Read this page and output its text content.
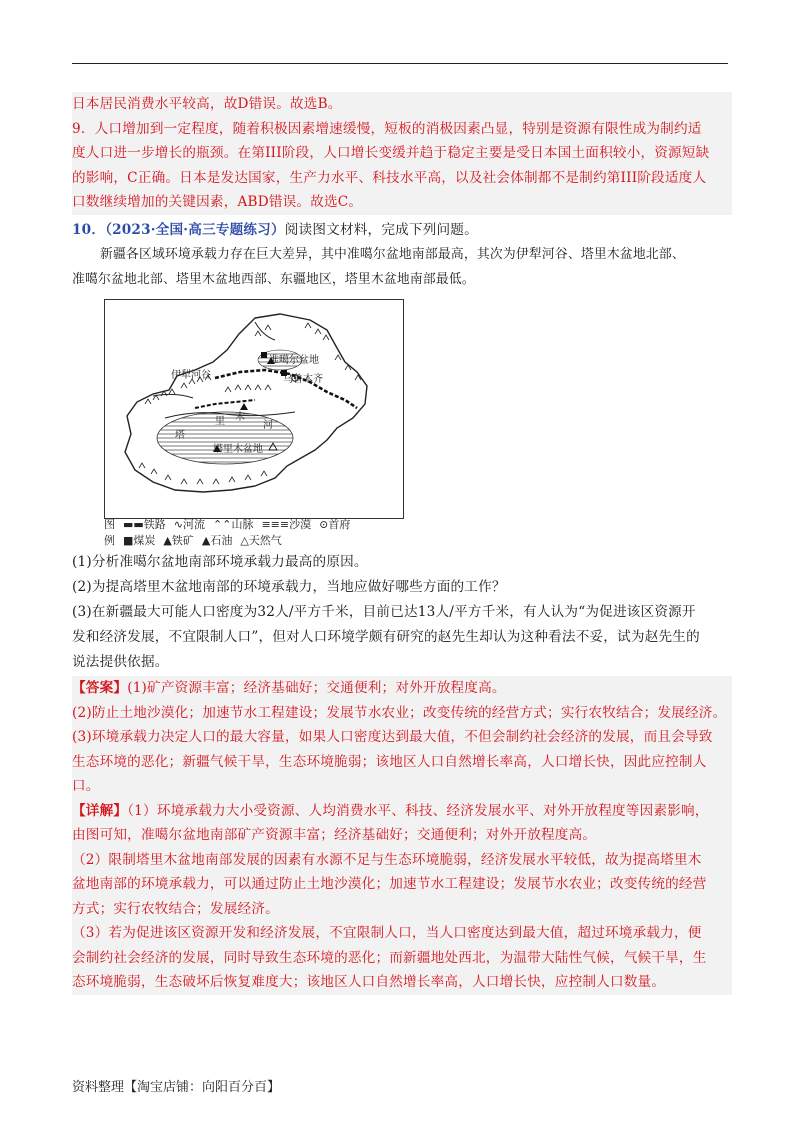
日本居民消费水平较高，故D错误。故选B。
9．人口增加到一定程度，随着积极因素增速缓慢，短板的消极因素凸显，特别是资源有限性成为制约适
度人口进一步增长的瓶颈。在第III阶段，人口增长变缓并趋于稳定主要是受日本国土面积较小，资源短缺
的影响，C正确。日本是发达国家，生产力水平、科技水平高，以及社会体制都不是制约第III阶段适度人
口数继续增加的关键因素，ABD错误。故选C。
10．（2023·全国·高三专题练习）阅读图文材料，完成下列问题。
新疆各区域环境承载力存在巨大差异，其中准噶尔盆地南部最高，其次为伊犁河谷、塔里木盆地北部、
准噶尔盆地北部、塔里木盆地西部、东疆地区，塔里木盆地南部最低。
准噶尔盆地
伊犁河谷	乌鲁木齐
塔里木盆地
塔
里 木
河
图 ▬▬铁路 ∿河流 ⌃⌃山脉 ≡≡≡沙漠 ⊙首府
例 ■煤炭 ▲铁矿 ▲石油 △天然气
(1)分析准噶尔盆地南部环境承载力最高的原因。
(2)为提高塔里木盆地南部的环境承载力，当地应做好哪些方面的工作？
(3)在新疆最大可能人口密度为32人/平方千米，目前已达13人/平方千米，有人认为“为促进该区资源开
发和经济发展，不宜限制人口”，但对人口环境学颇有研究的赵先生却认为这种看法不妥，试为赵先生的
说法提供依据。
【答案】(1)矿产资源丰富；经济基础好；交通便利；对外开放程度高。
(2)防止土地沙漠化；加速节水工程建设；发展节水农业；改变传统的经营方式；实行农牧结合；发展经济。
(3)环境承载力决定人口的最大容量，如果人口密度达到最大值，不但会制约社会经济的发展，而且会导致
生态环境的恶化；新疆气候干旱，生态环境脆弱；该地区人口自然增长率高，人口增长快，因此应控制人
口。
【详解】（1）环境承载力大小受资源、人均消费水平、科技、经济发展水平、对外开放程度等因素影响，
由图可知，准噶尔盆地南部矿产资源丰富；经济基础好；交通便利；对外开放程度高。
（2）限制塔里木盆地南部发展的因素有水源不足与生态环境脆弱，经济发展水平较低，故为提高塔里木
盆地南部的环境承载力，可以通过防止土地沙漠化；加速节水工程建设；发展节水农业；改变传统的经营
方式；实行农牧结合；发展经济。
（3）若为促进该区资源开发和经济发展，不宜限制人口，当人口密度达到最大值，超过环境承载力，便
会制约社会经济的发展，同时导致生态环境的恶化；而新疆地处西北，为温带大陆性气候，气候干旱，生
态环境脆弱，生态破坏后恢复难度大；该地区人口自然增长率高，人口增长快，应控制人口数量。
资料整理【淘宝店铺：向阳百分百】
